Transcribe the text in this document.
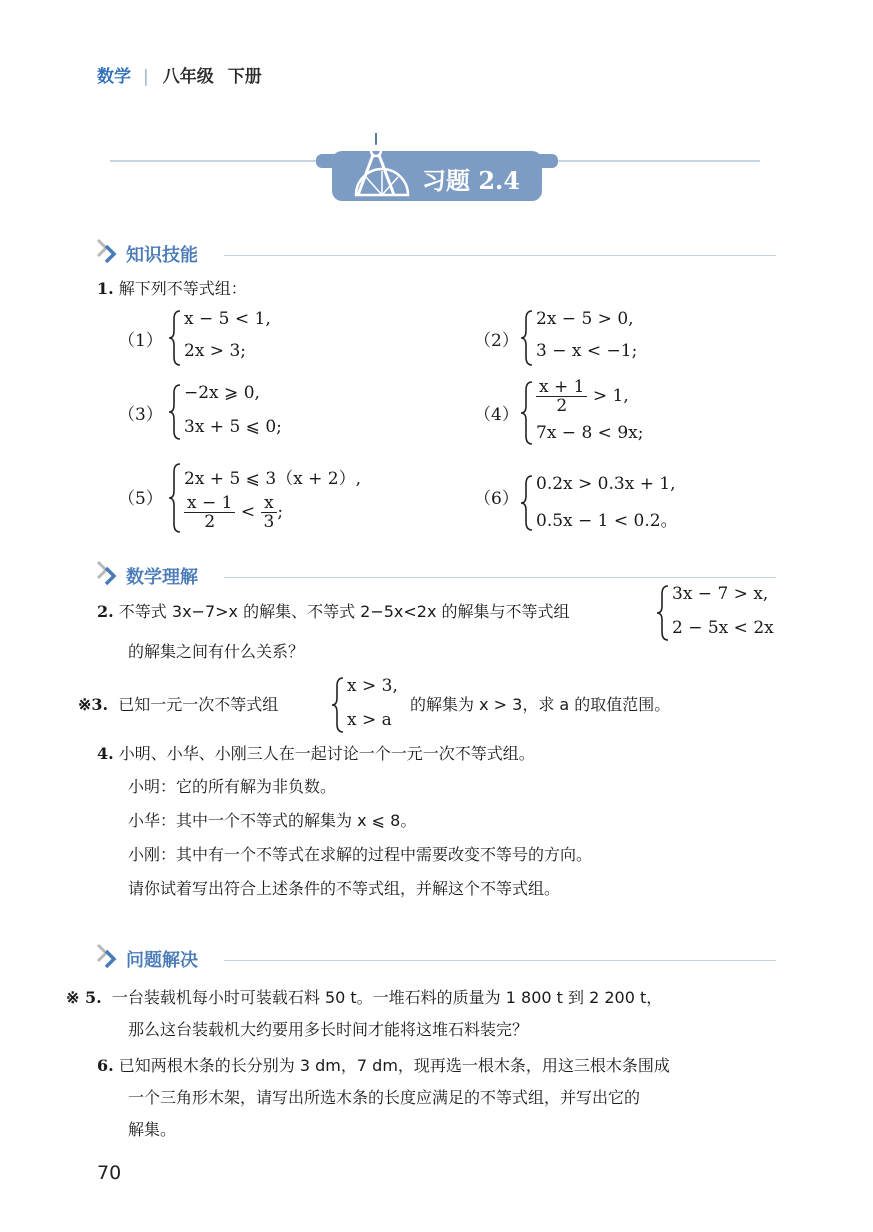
数学 | 八年级 下册
习题 2.4
知识技能
1. 解下列不等式组：
（1）
x − 5 < 1,
2x > 3;	（2）
2x − 5 > 0,
3 − x < −1;
（3）
−2x ⩾ 0,
3x + 5 ⩽ 0;
$(4) \frac{x + 1}{2} > 1$,
7x − 8 < 9x;
（5）
2x + 5 ⩽ 3（x + 2）,
$\frac{x - 1}{2} < \frac{x}{3}$ ;
（6）
0.2x > 0.3x + 1,
0.5x − 1 < 0.2。
数学理解
2. 不等式 3x−7>x 的解集、不等式 2−5x<2x 的解集与不等式组
3x − 7 > x,
2 − 5x < 2x
的解集之间有什么关系？
※3. 已知一元一次不等式组
x > 3,
x > a
的解集为 x > 3，求 a 的取值范围。
4. 小明、小华、小刚三人在一起讨论一个一元一次不等式组。
小明：它的所有解为非负数。
小华：其中一个不等式的解集为 x ⩽ 8。
小刚：其中有一个不等式在求解的过程中需要改变不等号的方向。
请你试着写出符合上述条件的不等式组，并解这个不等式组。
问题解决
※ 5. 一台装载机每小时可装载石料 50 t。一堆石料的质量为 1 800 t 到 2 200 t，
那么这台装载机大约要用多长时间才能将这堆石料装完？
6. 已知两根木条的长分别为 3 dm，7 dm，现再选一根木条，用这三根木条围成
一个三角形木架，请写出所选木条的长度应满足的不等式组，并写出它的
解集。
70
